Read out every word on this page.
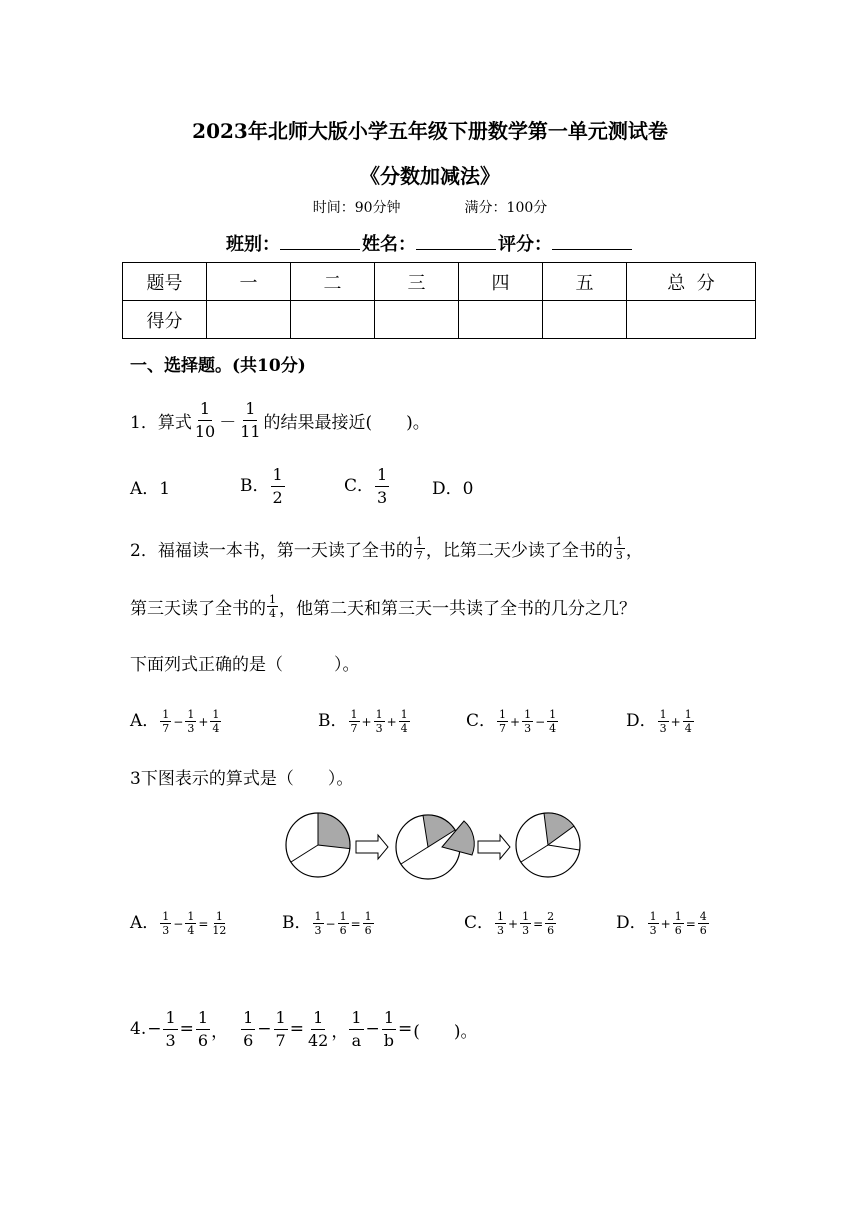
2023年北师大版小学五年级下册数学第一单元测试卷
《分数加减法》
时间：90分钟	满分：100分
班别：	姓名：	评分：
题号	一	二	三	四	五	总  分
得分						
一、选择题。(共10分)
1．算式 $\frac{1}{10} - \frac{1}{11}$ 的结果最接近(　　)。
A．1	B． $\frac{1}{2}$	C． $\frac{1}{3}$	D．0
2．福福读一本书，第一天读了全书的 $\frac{1}{7}$ ，比第二天少读了全书的 $\frac{1}{3}$ ，
第三天读了全书的 $\frac{1}{4}$ ，他第二天和第三天一共读了全书的几分之几？
下面列式正确的是（　　　）。
A． $\frac{1}{7} - \frac{1}{3} + \frac{1}{4}$	B． $\frac{1}{7} + \frac{1}{3} + \frac{1}{4}$	C． $\frac{1}{7} + \frac{1}{3} - \frac{1}{4}$	D． $\frac{1}{3} + \frac{1}{4}$
3下图表示的算式是（　　）。
A． $\frac{1}{3} - \frac{1}{4} = \frac{1}{12}$	B． $\frac{1}{3} - \frac{1}{6} = \frac{1}{6}$	C． $\frac{1}{3} + \frac{1}{3} = \frac{2}{6}$	D． $\frac{1}{3} + \frac{1}{6} = \frac{4}{6}$
4. − $\frac{1}{3} = \frac{1}{6}$ ， $\frac{1}{6} - \frac{1}{7} = \frac{1}{42}$ ， $\frac{1}{a} - \frac{1}{b}$ = (　　)。
